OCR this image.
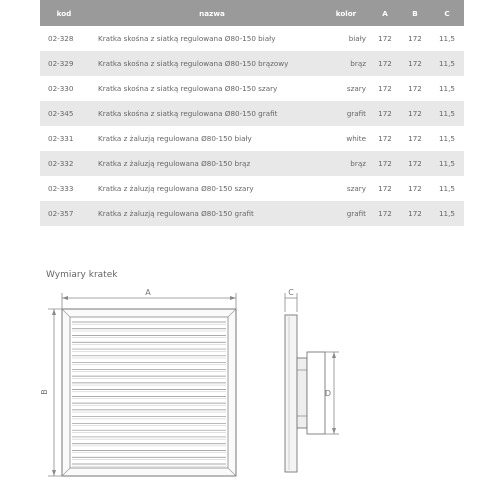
kod	nazwa	kolor	A	B	C
02-328	Kratka skośna z siatką regulowana Ø80-150 biały	biały	172	172	11,5
02-329	Kratka skośna z siatką regulowana Ø80-150 brązowy	brąz	172	172	11,5
02-330	Kratka skośna z siatką regulowana Ø80-150 szary	szary	172	172	11,5
02-345	Kratka skośna z siatką regulowana Ø80-150 grafit	grafit	172	172	11,5
02-331	Kratka z żaluzją regulowana Ø80-150 biały	white	172	172	11,5
02-332	Kratka z żaluzją regulowana Ø80-150 brąz	brąz	172	172	11,5
02-333	Kratka z żaluzją regulowana Ø80-150 szary	szary	172	172	11,5
02-357	Kratka z żaluzją regulowana Ø80-150 grafit	grafit	172	172	11,5
Wymiary kratek
A
B
C
D
